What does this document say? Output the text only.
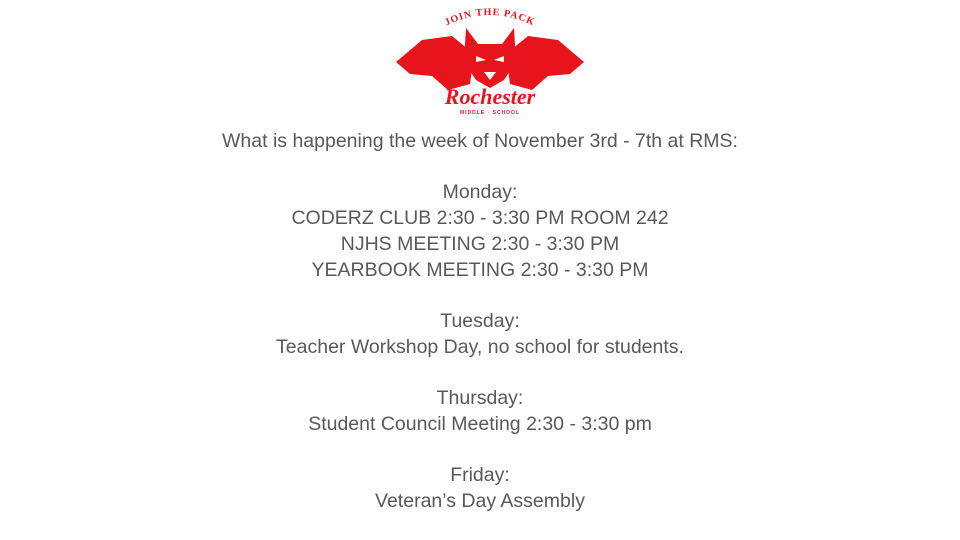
JOIN THE PACK
Rochester
MIDDLE · SCHOOL
What is happening the week of November 3rd - 7th at RMS:
Monday:
CODERZ CLUB 2:30 - 3:30 PM ROOM 242
NJHS MEETING 2:30 - 3:30 PM
YEARBOOK MEETING 2:30 - 3:30 PM
Tuesday:
Teacher Workshop Day, no school for students.
Thursday:
Student Council Meeting 2:30 - 3:30 pm
Friday:
Veteran’s Day Assembly
